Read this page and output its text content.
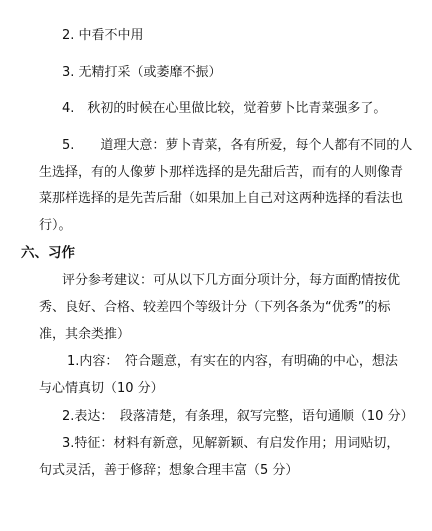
2. 中看不中用
3. 无精打采（或萎靡不振）
4.　秋初的时候在心里做比较，觉着萝卜比青菜强多了。
5.　　道理大意：萝卜青菜，各有所爱，每个人都有不同的人
生选择，有的人像萝卜那样选择的是先甜后苦，而有的人则像青
菜那样选择的是先苦后甜（如果加上自己对这两种选择的看法也
行）。
六、习作
评分参考建议：可从以下几方面分项计分，每方面酌情按优
秀、良好、合格、较差四个等级计分（下列各条为“优秀”的标
准，其余类推）
1.内容：　符合题意，有实在的内容，有明确的中心，想法
与心情真切（10 分）
2.表达：　段落清楚，有条理，叙写完整，语句通顺（10 分）
3.特征：材料有新意，见解新颖、有启发作用；用词贴切，
句式灵活，善于修辞；想象合理丰富（5 分）
